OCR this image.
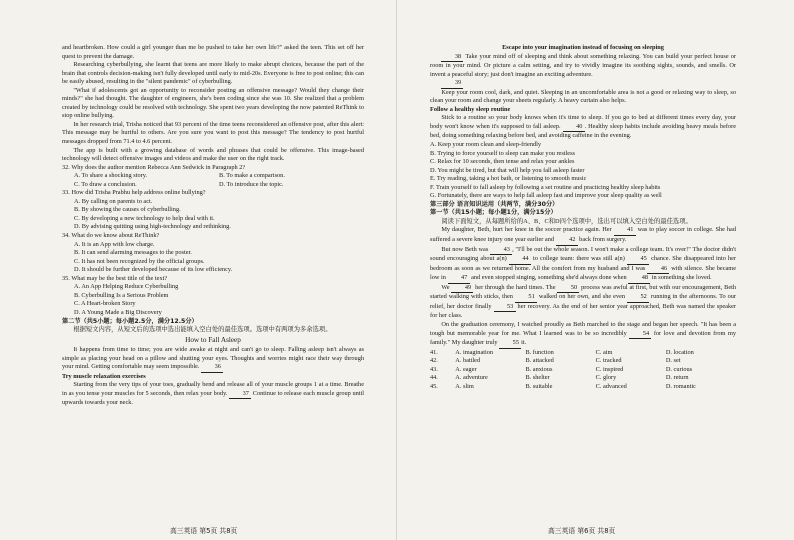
and heartbroken. How could a girl younger than me be pushed to take her own life?" asked the teen. This set off her quest to prevent the damage.

Researching cyberbullying, she learnt that teens are more likely to make abrupt choices, because the part of the brain that controls decision-making isn't fully developed until early to mid-20s. Everyone is free to post online; this can be easily abused, resulting in the "silent pandemic" of cyberbulling.

"What if adolescents got an opportunity to reconsider posting an offensive message? Would they change their minds?" she had thought. The daughter of engineers, she's been coding since she was 10. She realized that a problem created by technology could be resolved with technology. She spent two years developing the now patented ReThink to stop online bullying.

In her research trial, Trisha noticed that 93 percent of the time teens reconsidered an offensive post, after this alert: This message may be hurtful to others. Are you sure you want to post this message? The tendency to post hurtful messages dropped from 71.4 to 4.6 percent.

The app is built with a growing database of words and phrases that could be offensive. This image-based technology will detect offensive images and videos and make the user on the right track.

32. Why does the author mention Rebecca Ann Sedwick in Paragraph 2?

A. To share a shocking story.	B. To make a comparison.
C. To draw a conclusion.	D. To introduce the topic.

33. How did Trisha Prabhu help address online bullying?

A. By calling on parents to act.

B. By showing the causes of cyberbulling.

C. By developing a new technology to help deal with it.

D. By advising quitting using high-technology and rethinking.

34. What do we know about ReThink?

A. It is an App with low charge.

B. It can send alarming messages to the poster.

C. It has not been recognized by the official groups.

D. It should be further developed because of its low efficiency.

35. What may be the best title of the text?

A. An App Helping Reduce Cyberbulling

B. Cyberbulling Is a Serious Problem

C. A Heart-broken Story

D. A Young Made a Big Discovery

第二节（共5小题；每小题2.5分，满分12.5分）

根据短文内容，从短文后的选项中选出能填入空白处的最佳选项。选项中有两项为多余选项。

How to Fall Asleep

It happens from time to time; you are wide awake at night and can't go to sleep. Falling asleep isn't always as simple as placing your head on a pillow and shutting your eyes. Thoughts and worries might race their way through your mind. Getting comfortable may seem impossible. 36

Try muscle relaxation exercises

Starting from the very tips of your toes, gradually bend and release all of your muscle groups 1 at a time. Breathe in as you tense your muscles for 5 seconds, then relax your body. 37 Continue to release each muscle group until upwards towards your neck.

Escape into your imagination instead of focusing on sleeping

38 Take your mind off of sleeping and think about something relaxing. You can build your perfect house or room in your mind. Or picture a calm setting, and try to vividly imagine its soothing sights, sounds, and smells. Or invent a peaceful story; just don't imagine an exciting adventure.

39

Keep your room cool, dark, and quiet. Sleeping in an uncomfortable area is not a good or relaxing way to sleep, so clean your room and change your sheets regularly. A heavy curtain also helps.

Follow a healthy sleep routine

Stick to a routine so your body knows when it's time to sleep. If you go to bed at different times every day, your body won't know when it's supposed to fall asleep. 40 . Healthy sleep habits include avoiding heavy meals before bed, doing something relaxing before bed, and avoiding caffeine in the evening.

A. Keep your room clean and sleep-friendly

B. Trying to force yourself to sleep can make you restless

C. Relax for 10 seconds, then tense and relax your ankles

D. You might be tired, but that will help you fall asleep faster

E. Try reading, taking a hot bath, or listening to smooth music

F. Train yourself to fall asleep by following a set routine and practicing healthy sleep habits

G. Fortunately, there are ways to help fall asleep fast and improve your sleep quality as well

第三部分 语言知识运用（共两节，满分30分）

第一节（共15小题；每小题1分，满分15分）

阅读下面短文，从每题所给的A、B、C和D四个选项中，选出可以填入空白处的最佳选项。

My daughter, Beth, hurt her knee in the soccer practice again. Her 41 was to play soccer in college. She had suffered a severe knee injury one year earlier and 42 back from surgery.

But now Beth was 43 , "I'll be out the whole season. I won't make a college team. It's over!" The doctor didn't sound encouraging about a(n) 44 to college team: there was still a(n) 45 chance. She disappeared into her bedroom as soon as we returned home. All the comfort from my husband and I was 46 with silence. She became low in 47 and even stopped singing, something she'd always done when 48 in something she loved.

We 49 her through the hard times. The 50 process was awful at first, but with our encouragement, Beth started walking with sticks, then 51 walked on her own, and she even 52 running in the afternoons. To our relief, her doctor finally 53 her recovery. As the end of her senior year approached, Beth was named the speaker for her class.

On the graduation ceremony, I watched proudly as Beth marched to the stage and began her speech. "It has been a tough but memorable year for me. What I learned was to be so incredibly	54 for love and devotion from my family." My daughter truly 55 it.

41.	A. imagination	B. function	C. aim	D. location
42.	A. battled	B. attacked	C. tracked	D. set
43.	A. eager	B. anxious	C. inspired	D. curious
44.	A. adventure	B. shelter	C. glory	D. return
45.	A. slim	B. suitable	C. advanced	D. romantic
高三英语 第5页 共8页	高三英语 第6页 共8页
